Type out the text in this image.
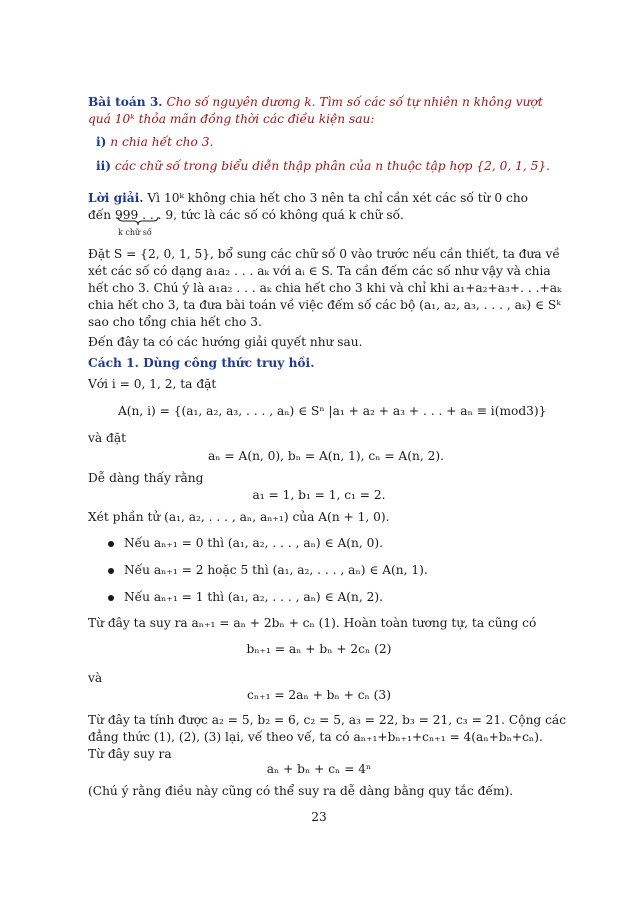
Bài toán 3. Cho số nguyên dương k. Tìm số các số tự nhiên n không vượt
quá 10ᵏ thỏa mãn đồng thời các điều kiện sau:
i) n chia hết cho 3.
ii) các chữ số trong biểu diễn thập phân của n thuộc tập hợp {2, 0, 1, 5}.
Lời giải. Vì 10ᵏ không chia hết cho 3 nên ta chỉ cần xét các số từ 0 cho
đến 999 . . . 9, tức là các số có không quá k chữ số.
k chữ số
Đặt S = {2, 0, 1, 5}, bổ sung các chữ số 0 vào trước nếu cần thiết, ta đưa về
xét các số có dạng a₁a₂ . . . aₖ với aᵢ ∈ S. Ta cần đếm các số như vậy và chia
hết cho 3. Chú ý là a₁a₂ . . . aₖ chia hết cho 3 khi và chỉ khi a₁+a₂+a₃+. . .+aₖ
chia hết cho 3, ta đưa bài toán về việc đếm số các bộ (a₁, a₂, a₃, . . . , aₖ) ∈ Sᵏ
sao cho tổng chia hết cho 3.
Đến đây ta có các hướng giải quyết như sau.
Cách 1. Dùng công thức truy hồi.
Với i = 0, 1, 2, ta đặt
A(n, i) = {(a₁, a₂, a₃, . . . , aₙ) ∈ Sⁿ |a₁ + a₂ + a₃ + . . . + aₙ ≡ i(mod3)}
và đặt
aₙ = A(n, 0), bₙ = A(n, 1), cₙ = A(n, 2).
Dễ dàng thấy rằng
a₁ = 1, b₁ = 1, c₁ = 2.
Xét phần tử (a₁, a₂, . . . , aₙ, aₙ₊₁) của A(n + 1, 0).
Nếu aₙ₊₁ = 0 thì (a₁, a₂, . . . , aₙ) ∈ A(n, 0).
Nếu aₙ₊₁ = 2 hoặc 5 thì (a₁, a₂, . . . , aₙ) ∈ A(n, 1).
Nếu aₙ₊₁ = 1 thì (a₁, a₂, . . . , aₙ) ∈ A(n, 2).
Từ đây ta suy ra aₙ₊₁ = aₙ + 2bₙ + cₙ (1). Hoàn toàn tương tự, ta cũng có
bₙ₊₁ = aₙ + bₙ + 2cₙ (2)
và
cₙ₊₁ = 2aₙ + bₙ + cₙ (3)
Từ đây ta tính được a₂ = 5, b₂ = 6, c₂ = 5, a₃ = 22, b₃ = 21, c₃ = 21. Cộng các
đẳng thức (1), (2), (3) lại, vế theo vế, ta có aₙ₊₁+bₙ₊₁+cₙ₊₁ = 4(aₙ+bₙ+cₙ).
Từ đây suy ra
aₙ + bₙ + cₙ = 4ⁿ
(Chú ý rằng điều này cũng có thể suy ra dễ dàng bằng quy tắc đếm).
23
